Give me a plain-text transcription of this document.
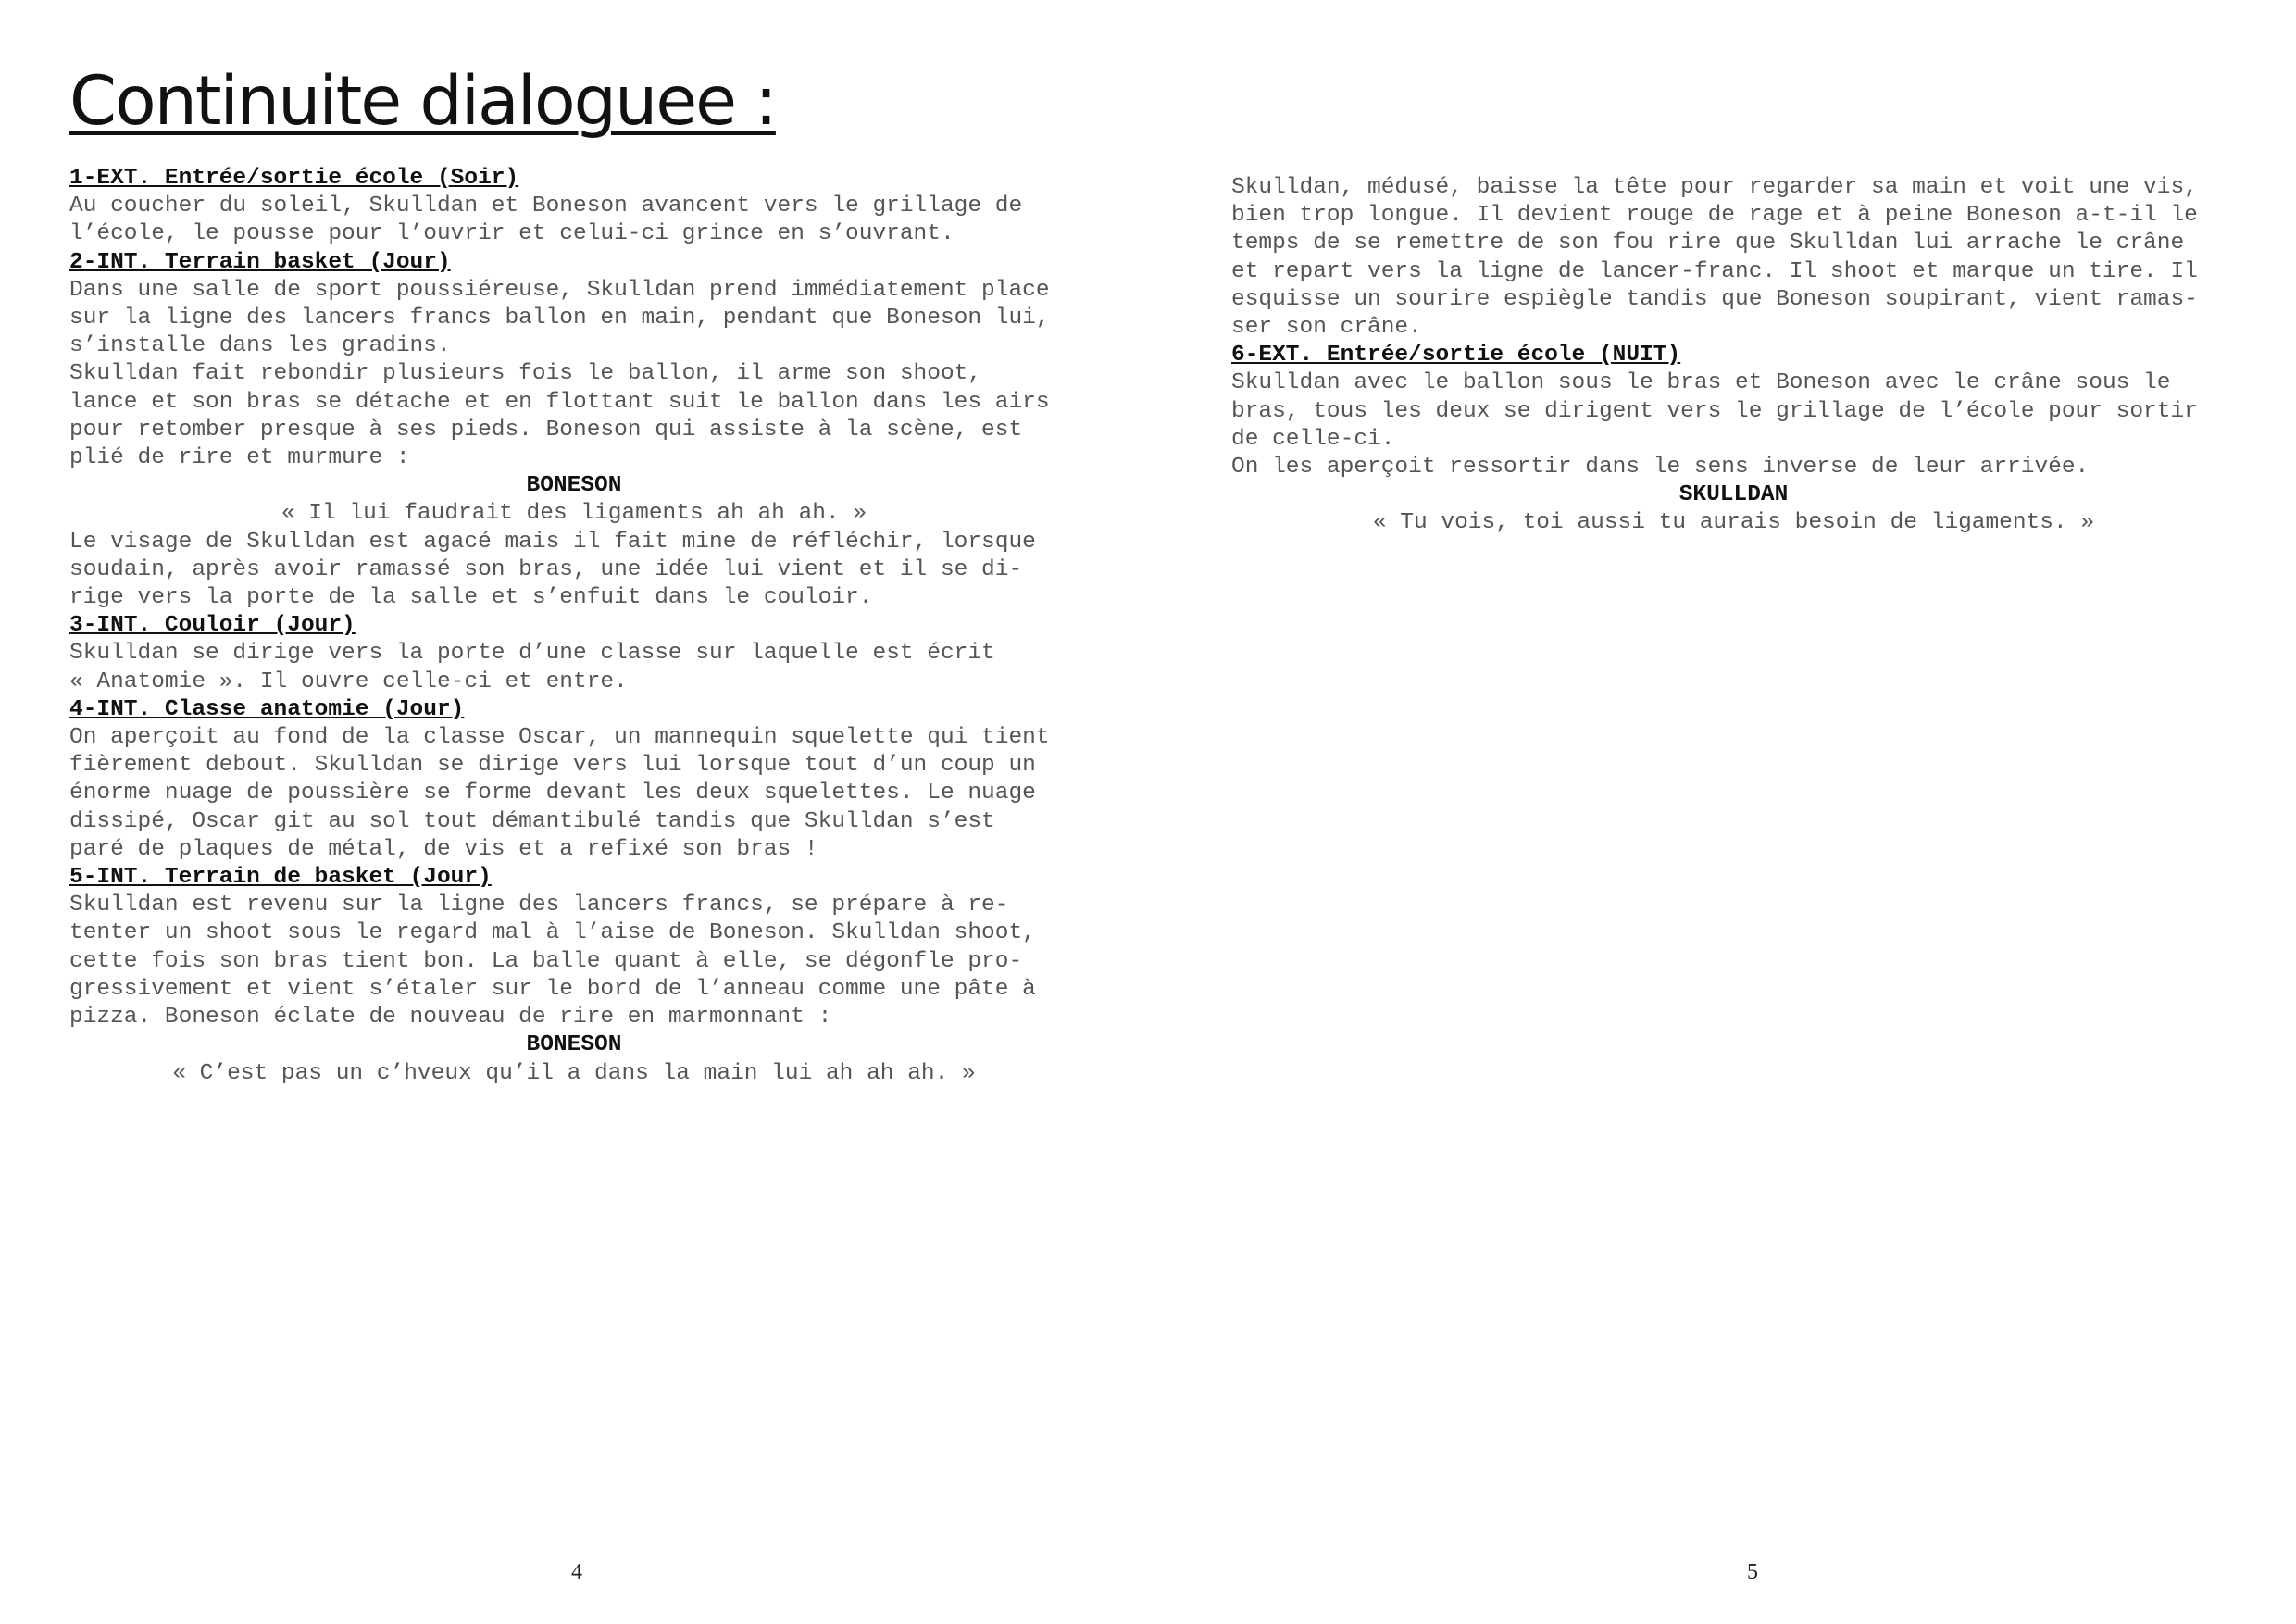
Continuite dialoguee :
1-EXT. Entrée/sortie école (Soir)

Au coucher du soleil, Skulldan et Boneson avancent vers le grillage de
l’école, le pousse pour l’ouvrir et celui-ci grince en s’ouvrant.

2-INT. Terrain basket (Jour)

Dans une salle de sport poussiéreuse, Skulldan prend immédiatement place
sur la ligne des lancers francs ballon en main, pendant que Boneson lui,
s’installe dans les gradins.

Skulldan fait rebondir plusieurs fois le ballon, il arme son shoot,
lance et son bras se détache et en flottant suit le ballon dans les airs
pour retomber presque à ses pieds. Boneson qui assiste à la scène, est
plié de rire et murmure :

BONESON

« Il lui faudrait des ligaments ah ah ah. »

Le visage de Skulldan est agacé mais il fait mine de réfléchir, lorsque
soudain, après avoir ramassé son bras, une idée lui vient et il se di-
rige vers la porte de la salle et s’enfuit dans le couloir.

3-INT. Couloir (Jour)

Skulldan se dirige vers la porte d’une classe sur laquelle est écrit
« Anatomie ». Il ouvre celle-ci et entre.

4-INT. Classe anatomie (Jour)

On aperçoit au fond de la classe Oscar, un mannequin squelette qui tient
fièrement debout. Skulldan se dirige vers lui lorsque tout d’un coup un
énorme nuage de poussière se forme devant les deux squelettes. Le nuage
dissipé, Oscar git au sol tout démantibulé tandis que Skulldan s’est
paré de plaques de métal, de vis et a refixé son bras !

5-INT. Terrain de basket (Jour)

Skulldan est revenu sur la ligne des lancers francs, se prépare à re-
tenter un shoot sous le regard mal à l’aise de Boneson. Skulldan shoot,
cette fois son bras tient bon. La balle quant à elle, se dégonfle pro-
gressivement et vient s’étaler sur le bord de l’anneau comme une pâte à
pizza. Boneson éclate de nouveau de rire en marmonnant :

BONESON

« C’est pas un c’hveux qu’il a dans la main lui ah ah ah. »

4

Skulldan, médusé, baisse la tête pour regarder sa main et voit une vis,
bien trop longue. Il devient rouge de rage et à peine Boneson a-t-il le
temps de se remettre de son fou rire que Skulldan lui arrache le crâne
et repart vers la ligne de lancer-franc. Il shoot et marque un tire. Il
esquisse un sourire espiègle tandis que Boneson soupirant, vient ramas-
ser son crâne.

6-EXT. Entrée/sortie école (NUIT)

Skulldan avec le ballon sous le bras et Boneson avec le crâne sous le
bras, tous les deux se dirigent vers le grillage de l’école pour sortir
de celle-ci.

On les aperçoit ressortir dans le sens inverse de leur arrivée.

SKULLDAN

« Tu vois, toi aussi tu aurais besoin de ligaments. »

5
